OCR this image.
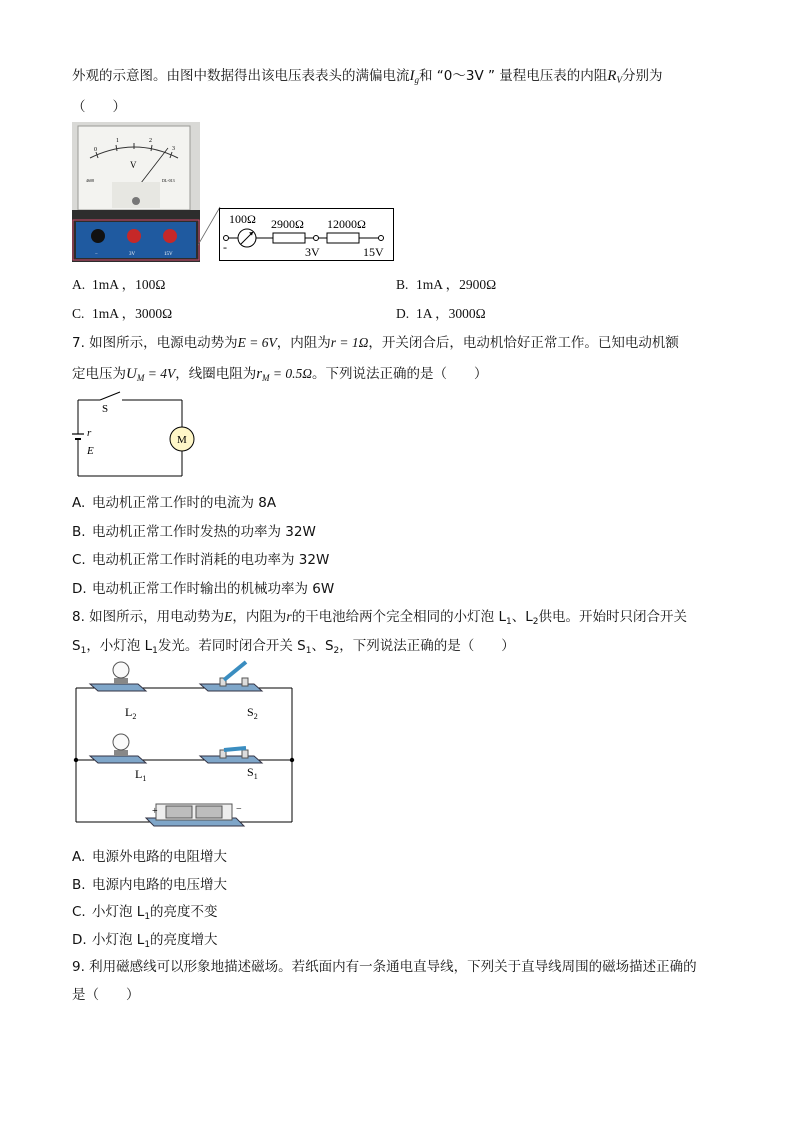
外观的示意图。由图中数据得出该电压表表头的满偏电流$I_g$和 “0～3V ” 量程电压表的内阻$R_V$分别为
（　　）
0
1	2
3
V
4608	DL-013
−	3V	15V
100Ω 2900Ω 12000Ω
-	3V	15V
A. 1mA ，100Ω	B. 1mA ，2900Ω
C. 1mA ，3000Ω	D. 1A ，3000Ω
7. 如图所示，电源电动势为E = 6V，内阻为r = 1Ω，开关闭合后，电动机恰好正常工作。已知电动机额
定电压为$U_M = 4V$，线圈电阻为$r_M = 0.5\Omega$。下列说法正确的是（　　）
S
M
r
E
A. 电动机正常工作时的电流为 8A
B. 电动机正常工作时发热的功率为 32W
C. 电动机正常工作时消耗的电功率为 32W
D. 电动机正常工作时输出的机械功率为 6W
8. 如图所示，用电动势为E，内阻为r的干电池给两个完全相同的小灯泡 $L_1$、$L_2$供电。开始时只闭合开关
$S_1$，小灯泡 $L_1$发光。若同时闭合开关 $S_1$、$S_2$，下列说法正确的是（　　）
$L_2$	$S_2$
$L_1$	$S_1$
+	−
A. 电源外电路的电阻增大
B. 电源内电路的电压增大
C. 小灯泡 $L_1$的亮度不变
D. 小灯泡 $L_1$的亮度增大
9. 利用磁感线可以形象地描述磁场。若纸面内有一条通电直导线，下列关于直导线周围的磁场描述正确的
是（　　）
